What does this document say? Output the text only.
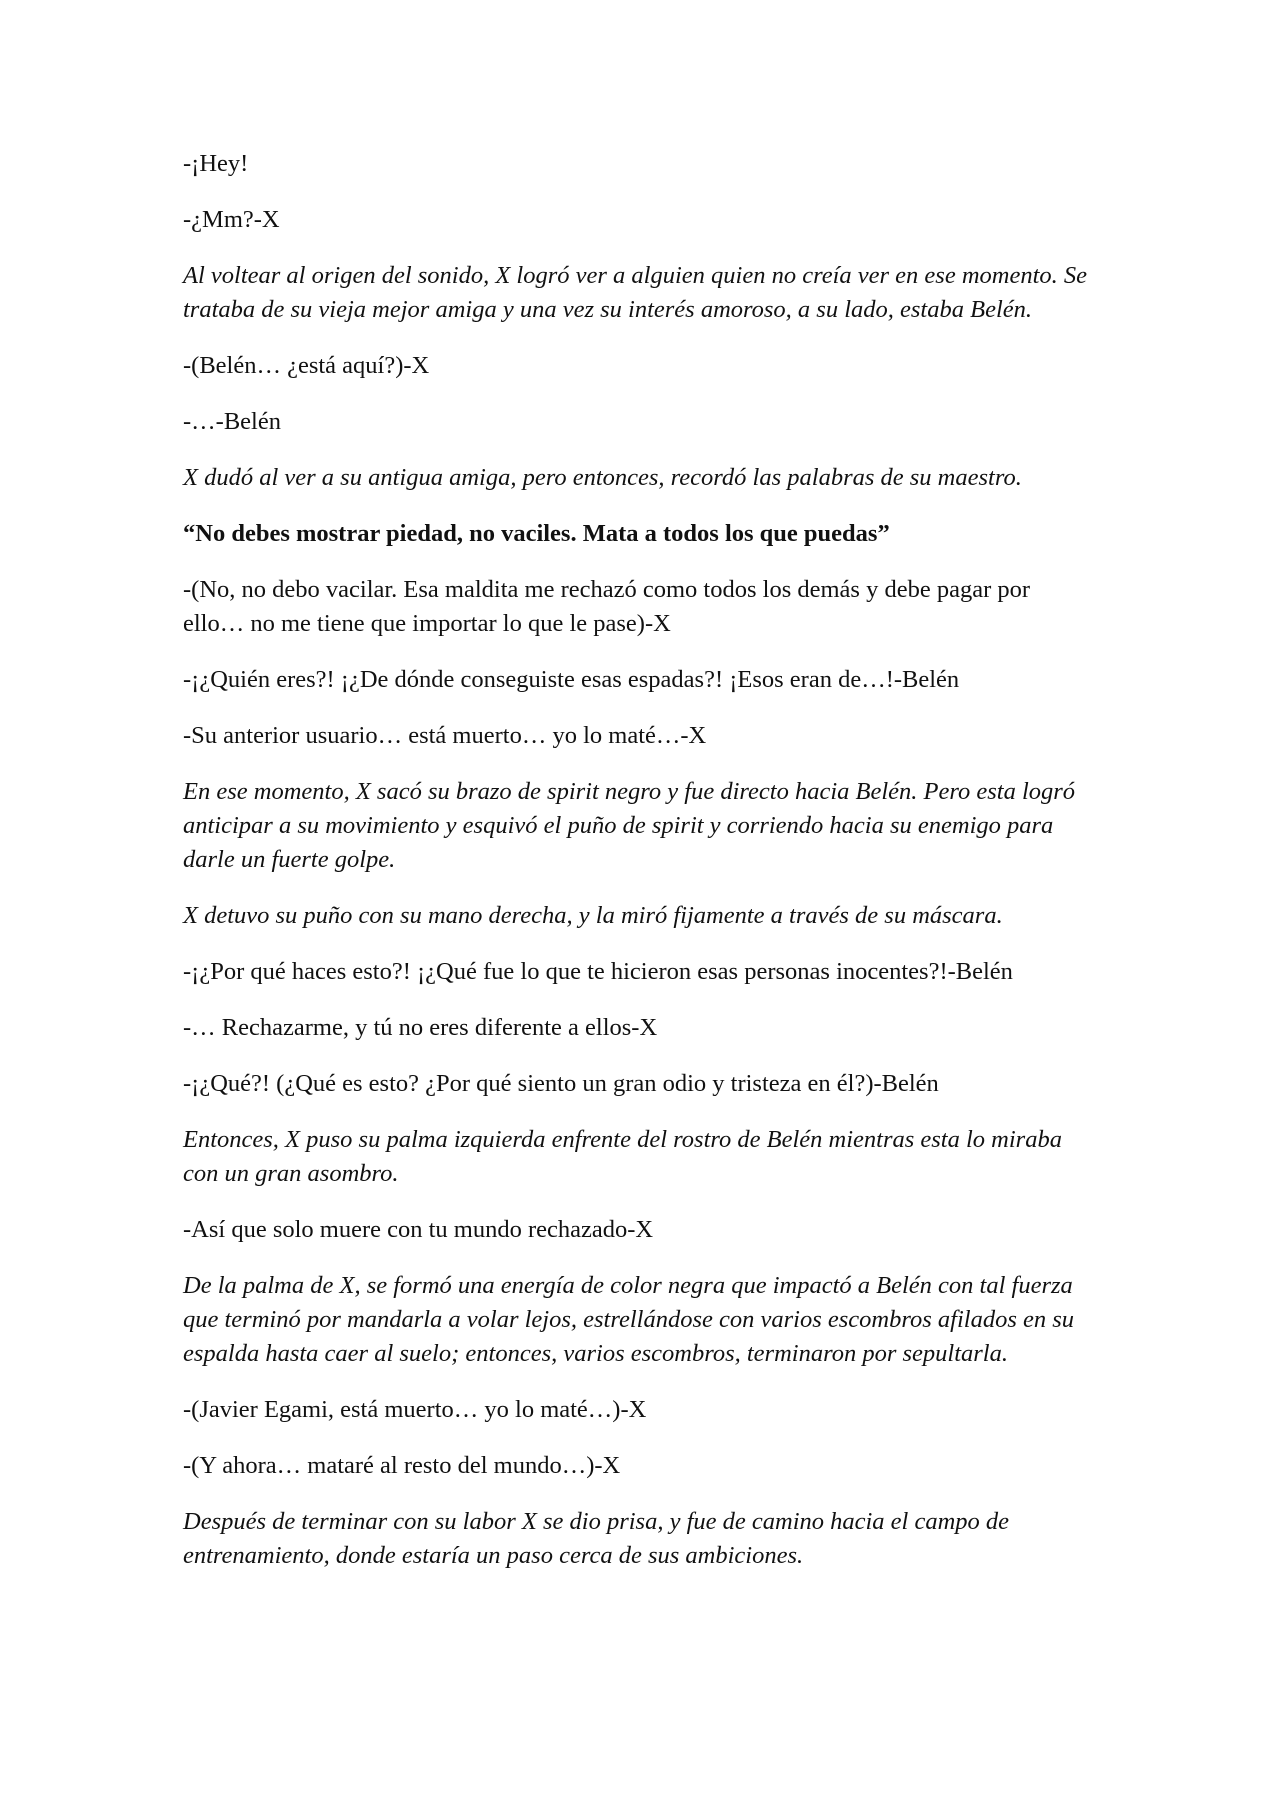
-¡Hey!

-¿Mm?-X

Al voltear al origen del sonido, X logró ver a alguien quien no creía ver en ese momento. Se trataba de su vieja mejor amiga y una vez su interés amoroso, a su lado, estaba Belén.

-(Belén… ¿está aquí?)-X

-…-Belén

X dudó al ver a su antigua amiga, pero entonces, recordó las palabras de su maestro.

“No debes mostrar piedad, no vaciles. Mata a todos los que puedas”

-(No, no debo vacilar. Esa maldita me rechazó como todos los demás y debe pagar por ello… no me tiene que importar lo que le pase)-X

-¡¿Quién eres?! ¡¿De dónde conseguiste esas espadas?! ¡Esos eran de…!-Belén

-Su anterior usuario… está muerto… yo lo maté…-X

En ese momento, X sacó su brazo de spirit negro y fue directo hacia Belén. Pero esta logró anticipar a su movimiento y esquivó el puño de spirit y corriendo hacia su enemigo para darle un fuerte golpe.

X detuvo su puño con su mano derecha, y la miró fijamente a través de su máscara.

-¡¿Por qué haces esto?! ¡¿Qué fue lo que te hicieron esas personas inocentes?!-Belén

-… Rechazarme, y tú no eres diferente a ellos-X

-¡¿Qué?! (¿Qué es esto? ¿Por qué siento un gran odio y tristeza en él?)-Belén

Entonces, X puso su palma izquierda enfrente del rostro de Belén mientras esta lo miraba con un gran asombro.

-Así que solo muere con tu mundo rechazado-X

De la palma de X, se formó una energía de color negra que impactó a Belén con tal fuerza que terminó por mandarla a volar lejos, estrellándose con varios escombros afilados en su espalda hasta caer al suelo; entonces, varios escombros, terminaron por sepultarla.

-(Javier Egami, está muerto… yo lo maté…)-X

-(Y ahora… mataré al resto del mundo…)-X

Después de terminar con su labor X se dio prisa, y fue de camino hacia el campo de entrenamiento, donde estaría un paso cerca de sus ambiciones.
